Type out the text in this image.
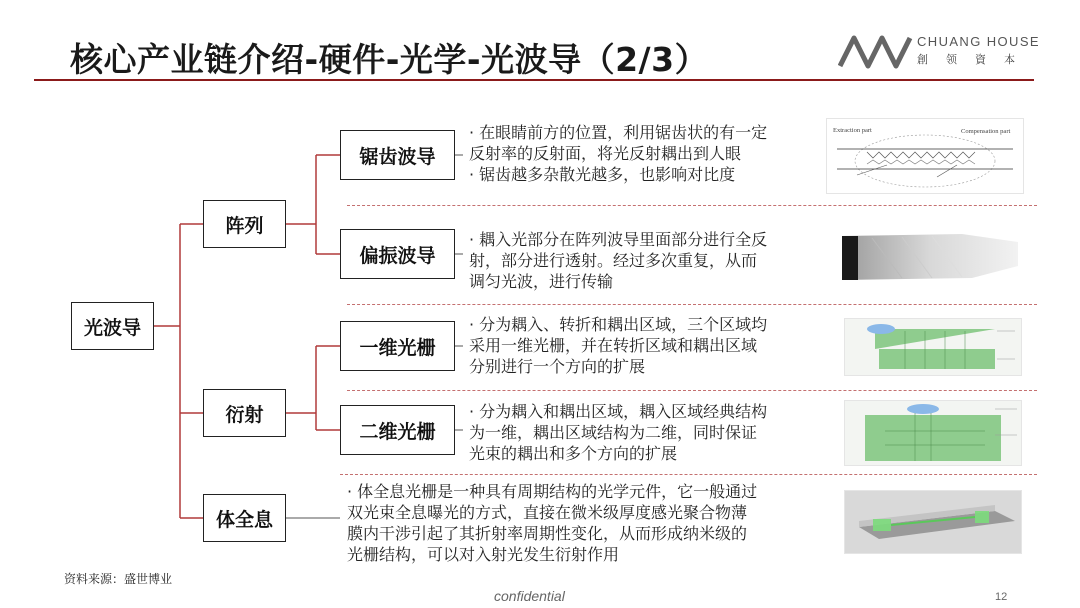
核心产业链介绍-硬件-光学-光波导（2/3）	CHUANG HOUSE
創领資本
光波导
阵列
衍射
体全息
锯齿波导
偏振波导
一维光栅
二维光栅
· 在眼睛前方的位置，利用锯齿状的有一定
反射率的反射面，将光反射耦出到人眼
· 锯齿越多杂散光越多，也影响对比度
· 耦入光部分在阵列波导里面部分进行全反
射，部分进行透射。经过多次重复，从而
调匀光波，进行传输
· 分为耦入、转折和耦出区域，三个区域均
采用一维光栅，并在转折区域和耦出区域
分别进行一个方向的扩展
· 分为耦入和耦出区域，耦入区域经典结构
为一维，耦出区域结构为二维，同时保证
光束的耦出和多个方向的扩展
· 体全息光栅是一种具有周期结构的光学元件，它一般通过
双光束全息曝光的方式，直接在微米级厚度感光聚合物薄
膜内干涉引起了其折射率周期性变化，从而形成纳米级的
光栅结构，可以对入射光发生衍射作用
Extraction part	Compensation part
资料来源：盛世博业
confidential	12
